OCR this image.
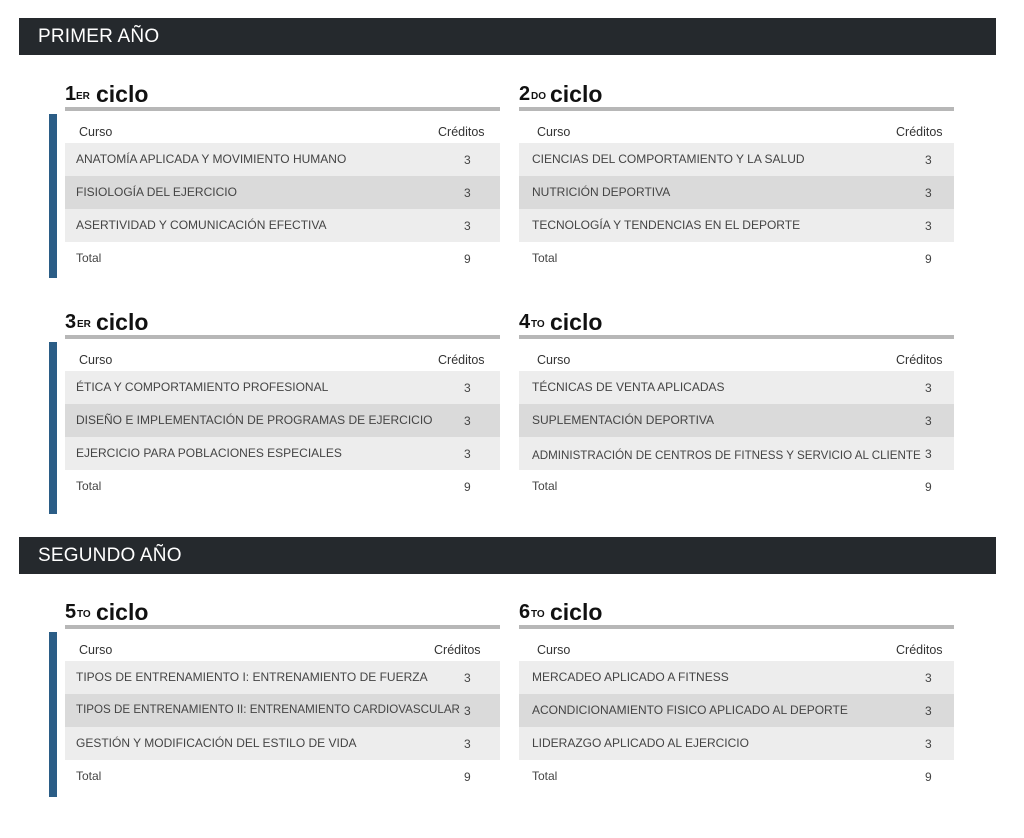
PRIMER AÑO
SEGUNDO AÑO
1 ER ciclo
Curso	Créditos
ANATOMÍA APLICADA Y MOVIMIENTO HUMANO	3
FISIOLOGÍA DEL EJERCICIO	3
ASERTIVIDAD Y COMUNICACIÓN EFECTIVA	3
Total	9
2 DO ciclo
Curso	Créditos
CIENCIAS DEL COMPORTAMIENTO Y LA SALUD	3
NUTRICIÓN DEPORTIVA	3
TECNOLOGÍA Y TENDENCIAS EN EL DEPORTE	3
Total	9
3 ER ciclo
Curso	Créditos
ÉTICA Y COMPORTAMIENTO PROFESIONAL	3
DISEÑO E IMPLEMENTACIÓN DE PROGRAMAS DE EJERCICIO	3
EJERCICIO PARA POBLACIONES ESPECIALES	3
Total	9
4 TO ciclo
Curso	Créditos
TÉCNICAS DE VENTA APLICADAS	3
SUPLEMENTACIÓN DEPORTIVA	3
ADMINISTRACIÓN DE CENTROS DE FITNESS Y SERVICIO AL CLIENTE 3
Total	9
5 TO ciclo
Curso	Créditos
TIPOS DE ENTRENAMIENTO I: ENTRENAMIENTO DE FUERZA	3
TIPOS DE ENTRENAMIENTO II: ENTRENAMIENTO CARDIOVASCULAR 3
GESTIÓN Y MODIFICACIÓN DEL ESTILO DE VIDA	3
Total	9
6 TO ciclo
Curso	Créditos
MERCADEO APLICADO A FITNESS	3
ACONDICIONAMIENTO FISICO APLICADO AL DEPORTE	3
LIDERAZGO APLICADO AL EJERCICIO	3
Total	9
